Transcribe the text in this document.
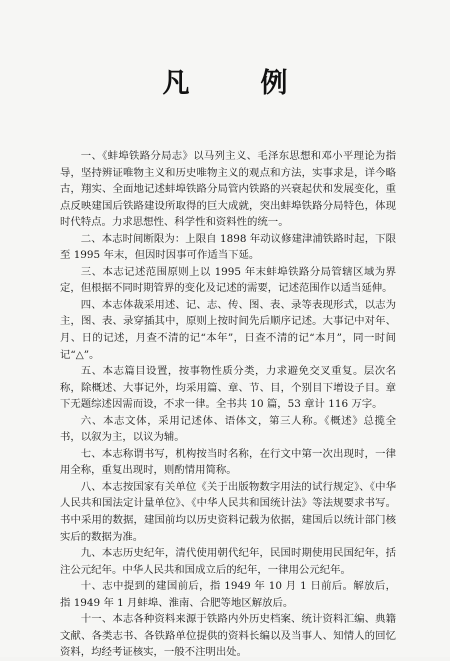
凡　例

一、《蚌埠铁路分局志》以马列主义、毛泽东思想和邓小平理论为指导，坚持辨证唯物主义和历史唯物主义的观点和方法，实事求是，详今略古，翔实、全面地记述蚌埠铁路分局管内铁路的兴衰起伏和发展变化，重点反映建国后铁路建设所取得的巨大成就，突出蚌埠铁路分局特色，体现时代特点。力求思想性、科学性和资料性的统一。

二、本志时间断限为：上限自 1898 年动议修建津浦铁路时起，下限至 1995 年末，但因时因事可作适当下延。

三、本志记述范围原则上以 1995 年末蚌埠铁路分局管辖区域为界定，但根据不同时期管界的变化及记述的需要，记述范围作以适当延伸。

四、本志体裁采用述、记、志、传、图、表、录等表现形式，以志为主，图、表、录穿插其中，原则上按时间先后顺序记述。大事记中对年、月、日的记述，月查不清的记“本年”，日查不清的记“本月”，同一时间记“△”。

五、本志篇目设置，按事物性质分类，力求避免交叉重复。层次名称，除概述、大事记外，均采用篇、章、节、目，个别目下增设子目。章下无题综述因需而设，不求一律。全书共 10 篇，53 章计 116 万字。

六、本志文体，采用记述体、语体文，第三人称。《概述》总揽全书，以叙为主，以议为辅。

七、本志称谓书写，机构按当时名称，在行文中第一次出现时，一律用全称，重复出现时，则酌情用简称。

八、本志按国家有关单位《关于出版物数字用法的试行规定》、《中华人民共和国法定计量单位》、《中华人民共和国统计法》等法规要求书写。书中采用的数据，建国前均以历史资料记载为依据，建国后以统计部门核实后的数据为准。

九、本志历史纪年，清代使用朝代纪年，民国时期使用民国纪年，括注公元纪年。中华人民共和国成立后的纪年，一律用公元纪年。

十、志中提到的建国前后，指 1949 年 10 月 1 日前后。解放后，指 1949 年 1 月蚌埠、淮南、合肥等地区解放后。

十一、本志各种资料来源于铁路内外历史档案、统计资料汇编、典籍文献、各类志书、各铁路单位提供的资料长编以及当事人、知情人的回忆资料，均经考证核实，一般不注明出处。
